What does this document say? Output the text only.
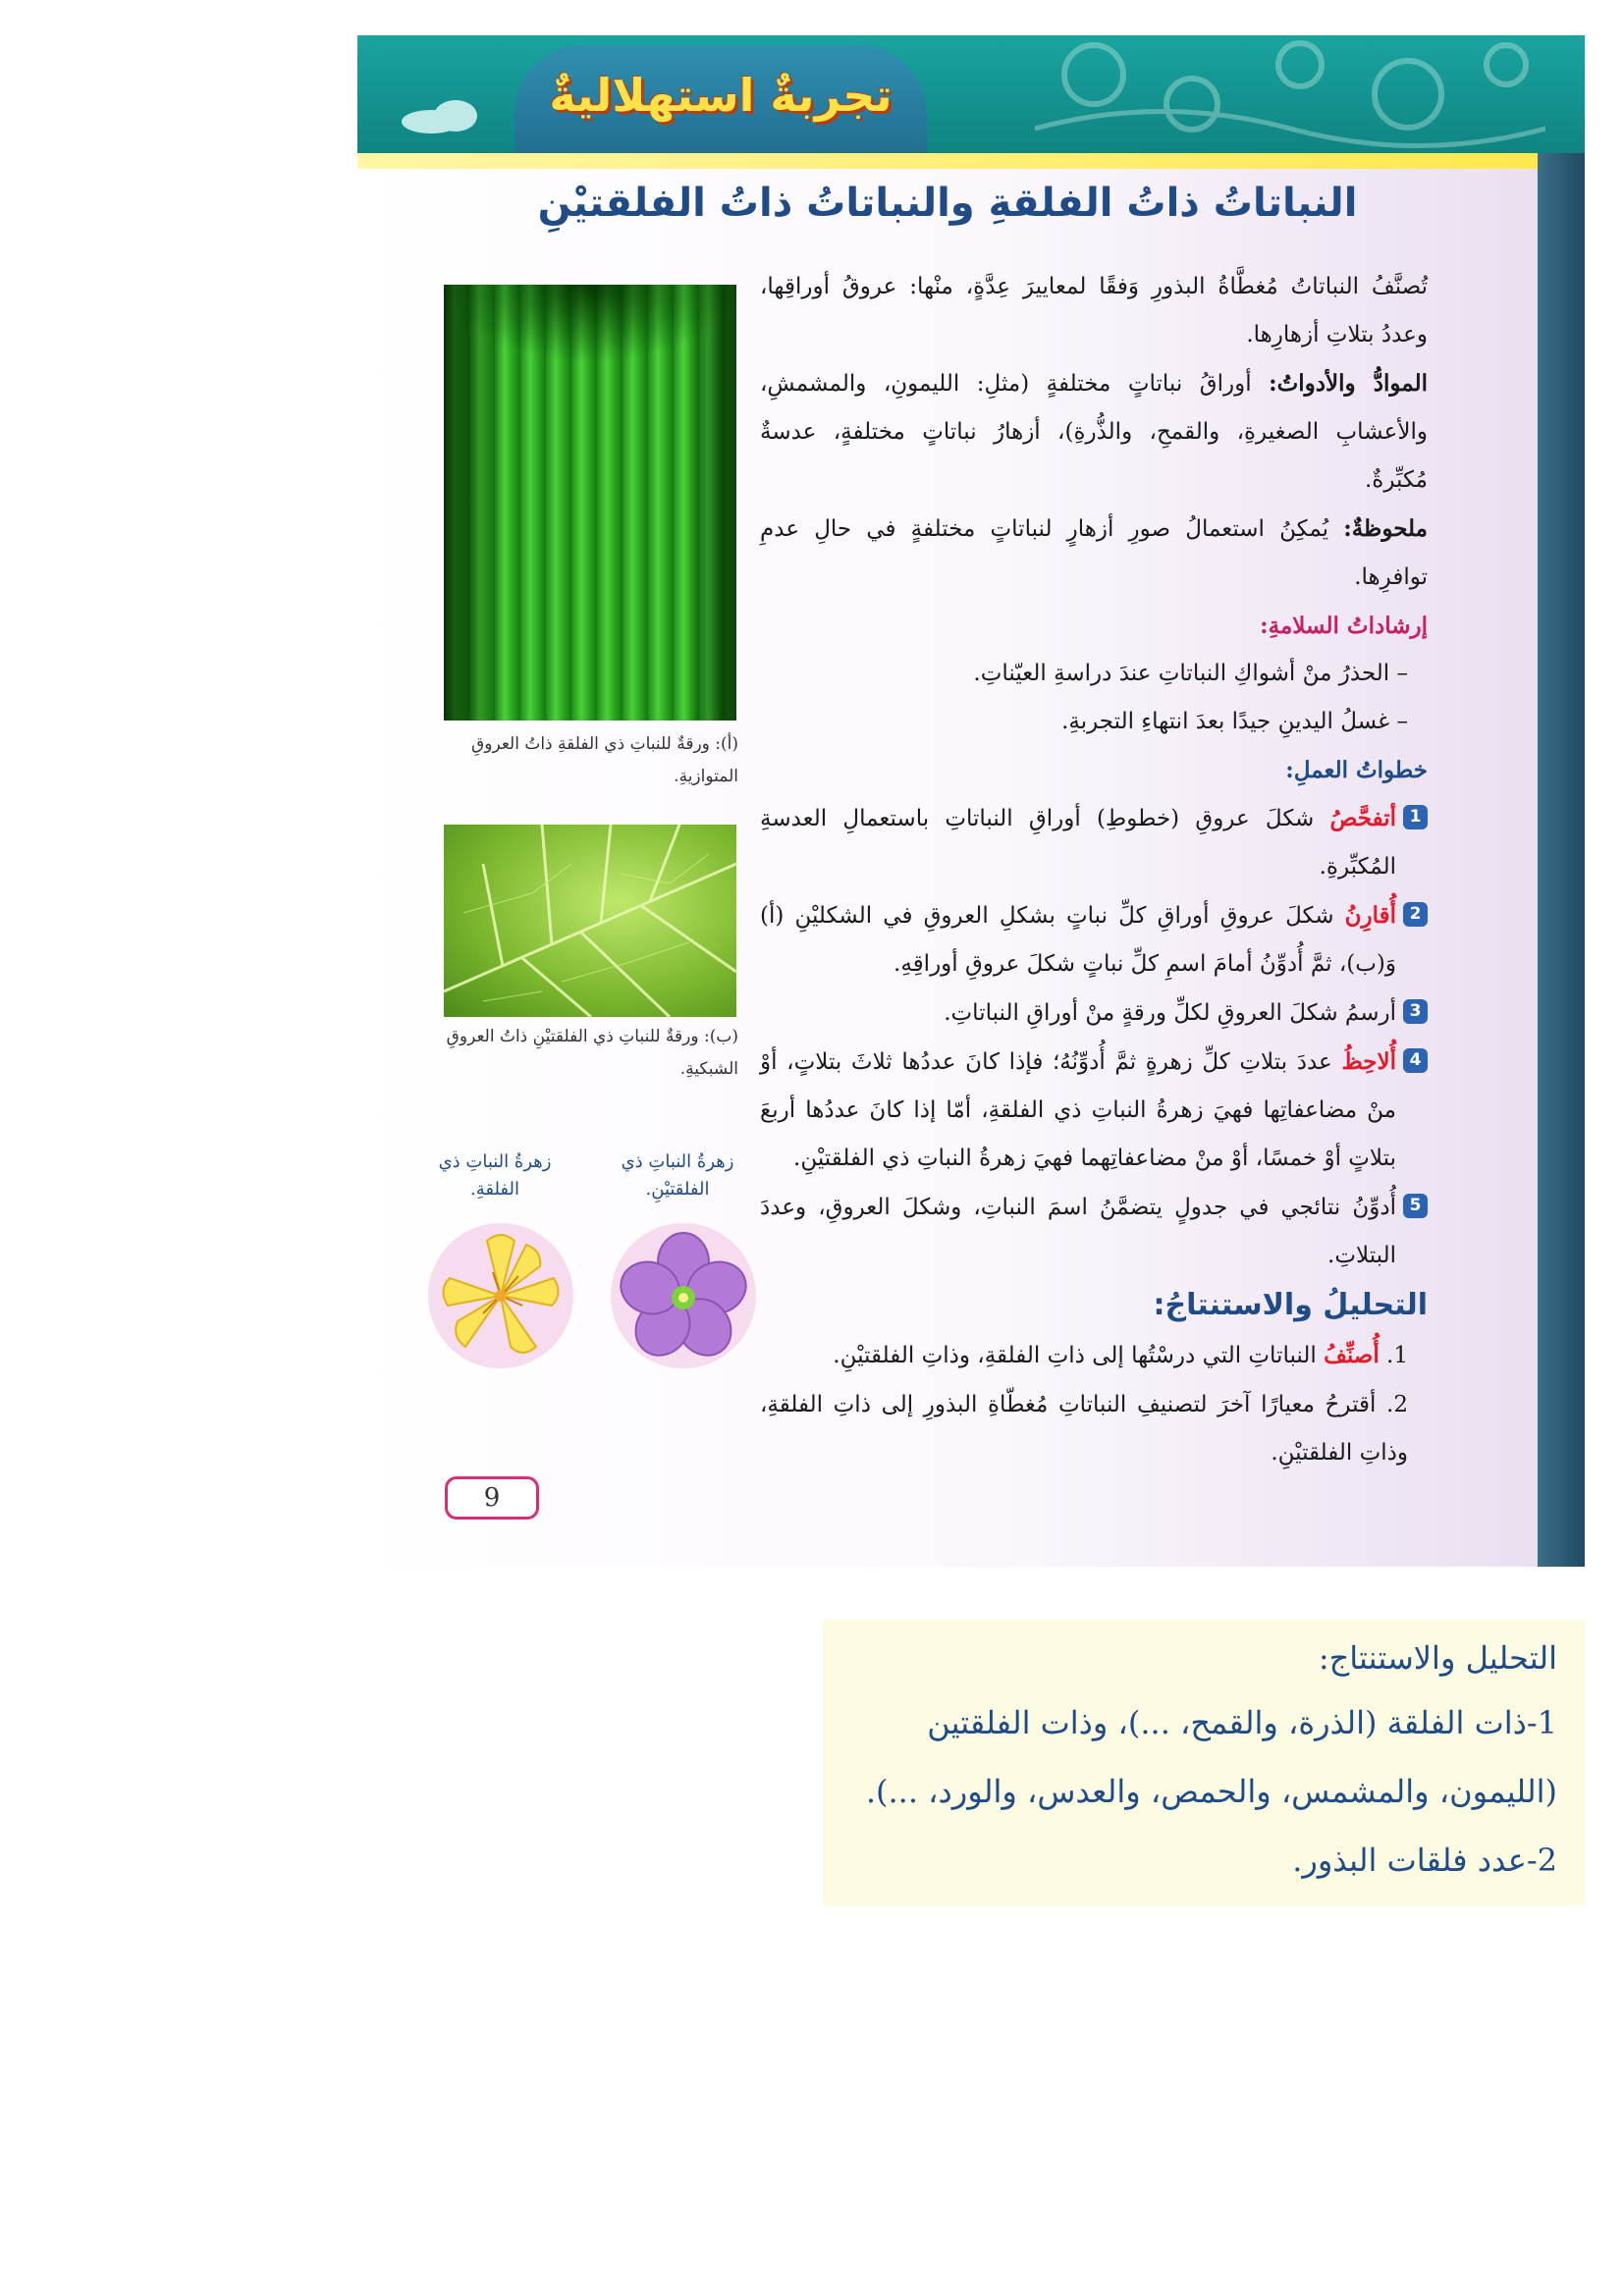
تجربةٌ استهلاليةٌ
النباتاتُ ذاتُ الفلقةِ والنباتاتُ ذاتُ الفلقتيْنِ

تُصنَّفُ النباتاتُ مُغطَّاةُ البذورِ وَفقًا لمعاييرَ عِدَّةٍ، منْها: عروقُ أوراقِها، وعددُ بتلاتِ أزهارِها.

الموادُّ والأدواتُ: أوراقُ نباتاتٍ مختلفةٍ (مثلِ: الليمونِ، والمشمشِ، والأعشابِ الصغيرةِ، والقمحِ، والذُّرةِ)، أزهارُ نباتاتٍ مختلفةٍ، عدسةٌ مُكبِّرةٌ.

ملحوظةٌ: يُمكِنُ استعمالُ صورِ أزهارٍ لنباتاتٍ مختلفةٍ في حالِ عدمِ توافرِها.

إرشاداتُ السلامةِ:

– الحذرُ منْ أشواكِ النباتاتِ عندَ دراسةِ العيّناتِ.

– غسلُ اليدينِ جيدًا بعدَ انتهاءِ التجربةِ.

خطواتُ العملِ:

1
أتفحَّصُ شكلَ عروقِ (خطوطِ) أوراقِ النباتاتِ باستعمالِ العدسةِ المُكبِّرةِ.

2
أُقارِنُ شكلَ عروقِ أوراقِ كلِّ نباتٍ بشكلِ العروقِ في الشكليْنِ (أ) وَ(ب)، ثمَّ أُدوِّنُ أمامَ اسمِ كلِّ نباتٍ شكلَ عروقِ أوراقِهِ.

3
أرسمُ شكلَ العروقِ لكلِّ ورقةٍ منْ أوراقِ النباتاتِ.

4
أُلاحِظُ عددَ بتلاتِ كلِّ زهرةٍ ثمَّ أُدوِّنُهُ؛ فإذا كانَ عددُها ثلاثَ بتلاتٍ، أوْ منْ مضاعفاتِها فهيَ زهرةُ النباتِ ذي الفلقةِ، أمّا إذا كانَ عددُها أربعَ بتلاتٍ أوْ خمسًا، أوْ منْ مضاعفاتِهما فهيَ زهرةُ النباتِ ذي الفلقتيْنِ.

5
أُدوِّنُ نتائجي في جدولٍ يتضمَّنُ اسمَ النباتِ، وشكلَ العروقِ، وعددَ البتلاتِ.

التحليلُ والاستنتاجُ:

1. أُصنِّفُ النباتاتِ التي درسْتُها إلى ذاتِ الفلقةِ، وذاتِ الفلقتيْنِ.

2. أقترحُ معيارًا آخرَ لتصنيفِ النباتاتِ مُغطّاةِ البذورِ إلى ذاتِ الفلقةِ، وذاتِ الفلقتيْنِ.

(أ): ورقةٌ للنباتِ ذي الفلقةِ ذاتُ العروقِ المتوازيةِ.
(ب): ورقةٌ للنباتِ ذي الفلقتيْنِ ذاتُ العروقِ الشبكيةِ.
زهرةُ النباتِ ذي الفلقتيْنِ.
زهرةُ النباتِ ذي الفلقةِ.
9
التحليل والاستنتاج:
1-ذات الفلقة (الذرة، والقمح، ...)، وذات الفلقتين
(الليمون، والمشمس، والحمص، والعدس، والورد، ...).
2-عدد فلقات البذور.
